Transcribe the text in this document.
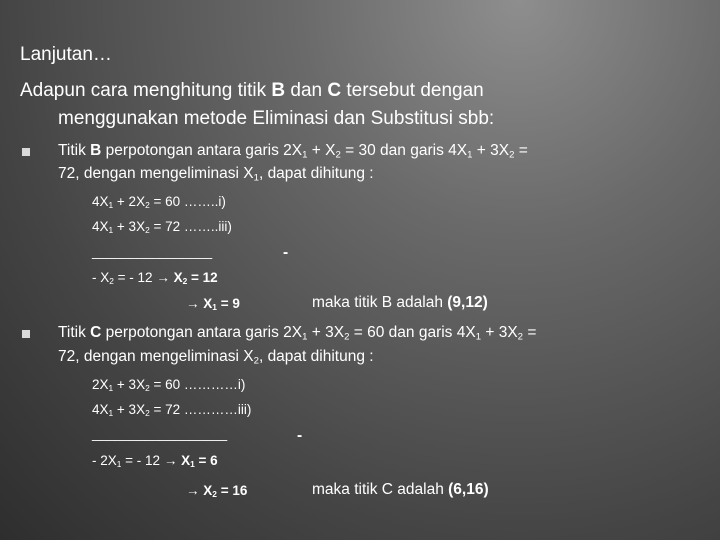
Lanjutan…
Adapun cara menghitung titik B dan C tersebut dengan
menggunakan metode Eliminasi dan Substitusi sbb:
Titik B perpotongan antara garis $2X_1 + X_2 = 30$ dan garis $4X_1 + 3X_2$ =
72, dengan mengeliminasi $X_1$, dapat dihitung :
$4X_1 + 2X_2 = 60$ ……..i)
$4X_1 + 3X_2 = 72$ ……..iii)
________________	-
- $X_2$ = - $12 \to X_2 = 12$
→ $X_1 = 9$	maka titik B adalah (9,12)
Titik C perpotongan antara garis $2X_1 + 3X_2 = 60$ dan garis $4X_1 + 3X_2$ =
72, dengan mengeliminasi $X_2$, dapat dihitung :
$2X_1 + 3X_2 = 60$ …………i)
$4X_1 + 3X_2 = 72$ …………iii)
__________________	-
- $2X_1$ = - $12 \to X_1 = 6$
→ $X_2 = 16$	maka titik C adalah (6,16)
